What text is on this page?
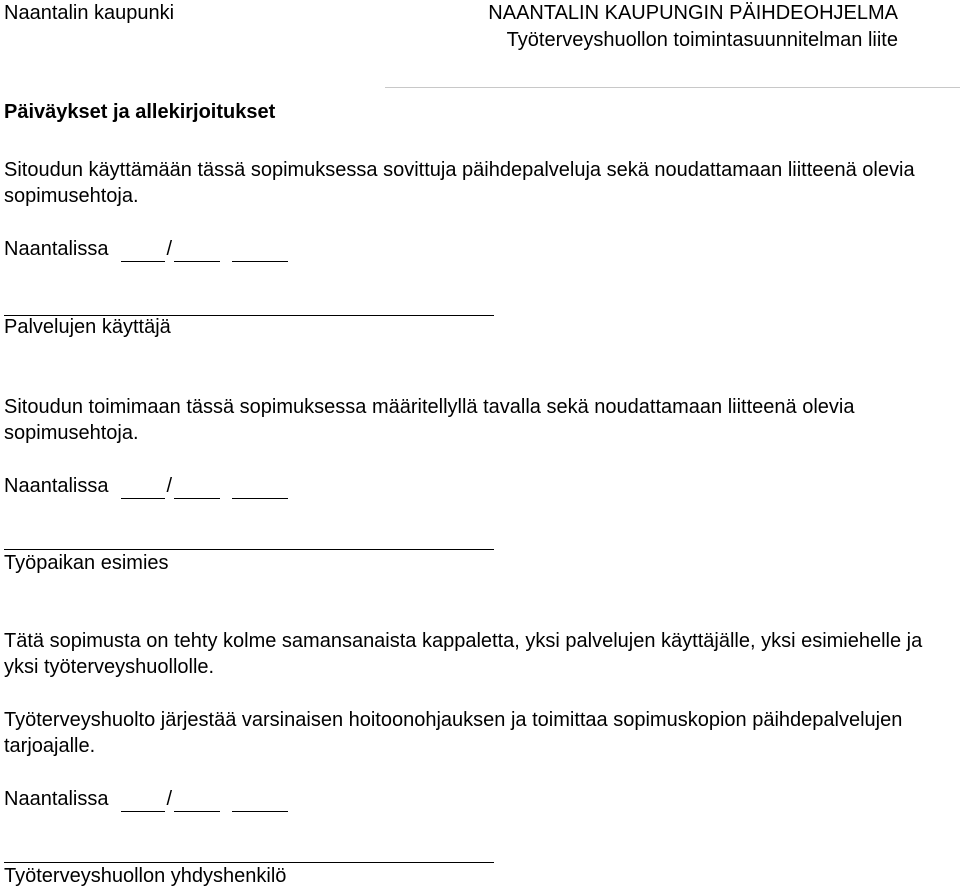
Naantalin kaupunki	NAANTALIN KAUPUNGIN PÄIHDEOHJELMA
Työterveyshuollon toimintasuunnitelman liite
Päiväykset ja allekirjoitukset
Sitoudun käyttämään tässä sopimuksessa sovittuja päihdepalveluja sekä noudattamaan liitteenä olevia sopimusehtoja.
Naantalissa	/
Palvelujen käyttäjä
Sitoudun toimimaan tässä sopimuksessa määritellyllä tavalla sekä noudattamaan liitteenä olevia sopimusehtoja.
Naantalissa	/
Työpaikan esimies
Tätä sopimusta on tehty kolme samansanaista kappaletta, yksi palvelujen käyttäjälle, yksi esimiehelle ja yksi työterveyshuollolle.
Työterveyshuolto järjestää varsinaisen hoitoonohjauksen ja toimittaa sopimuskopion päihdepalvelujen tarjoajalle.
Naantalissa	/
Työterveyshuollon yhdyshenkilö
